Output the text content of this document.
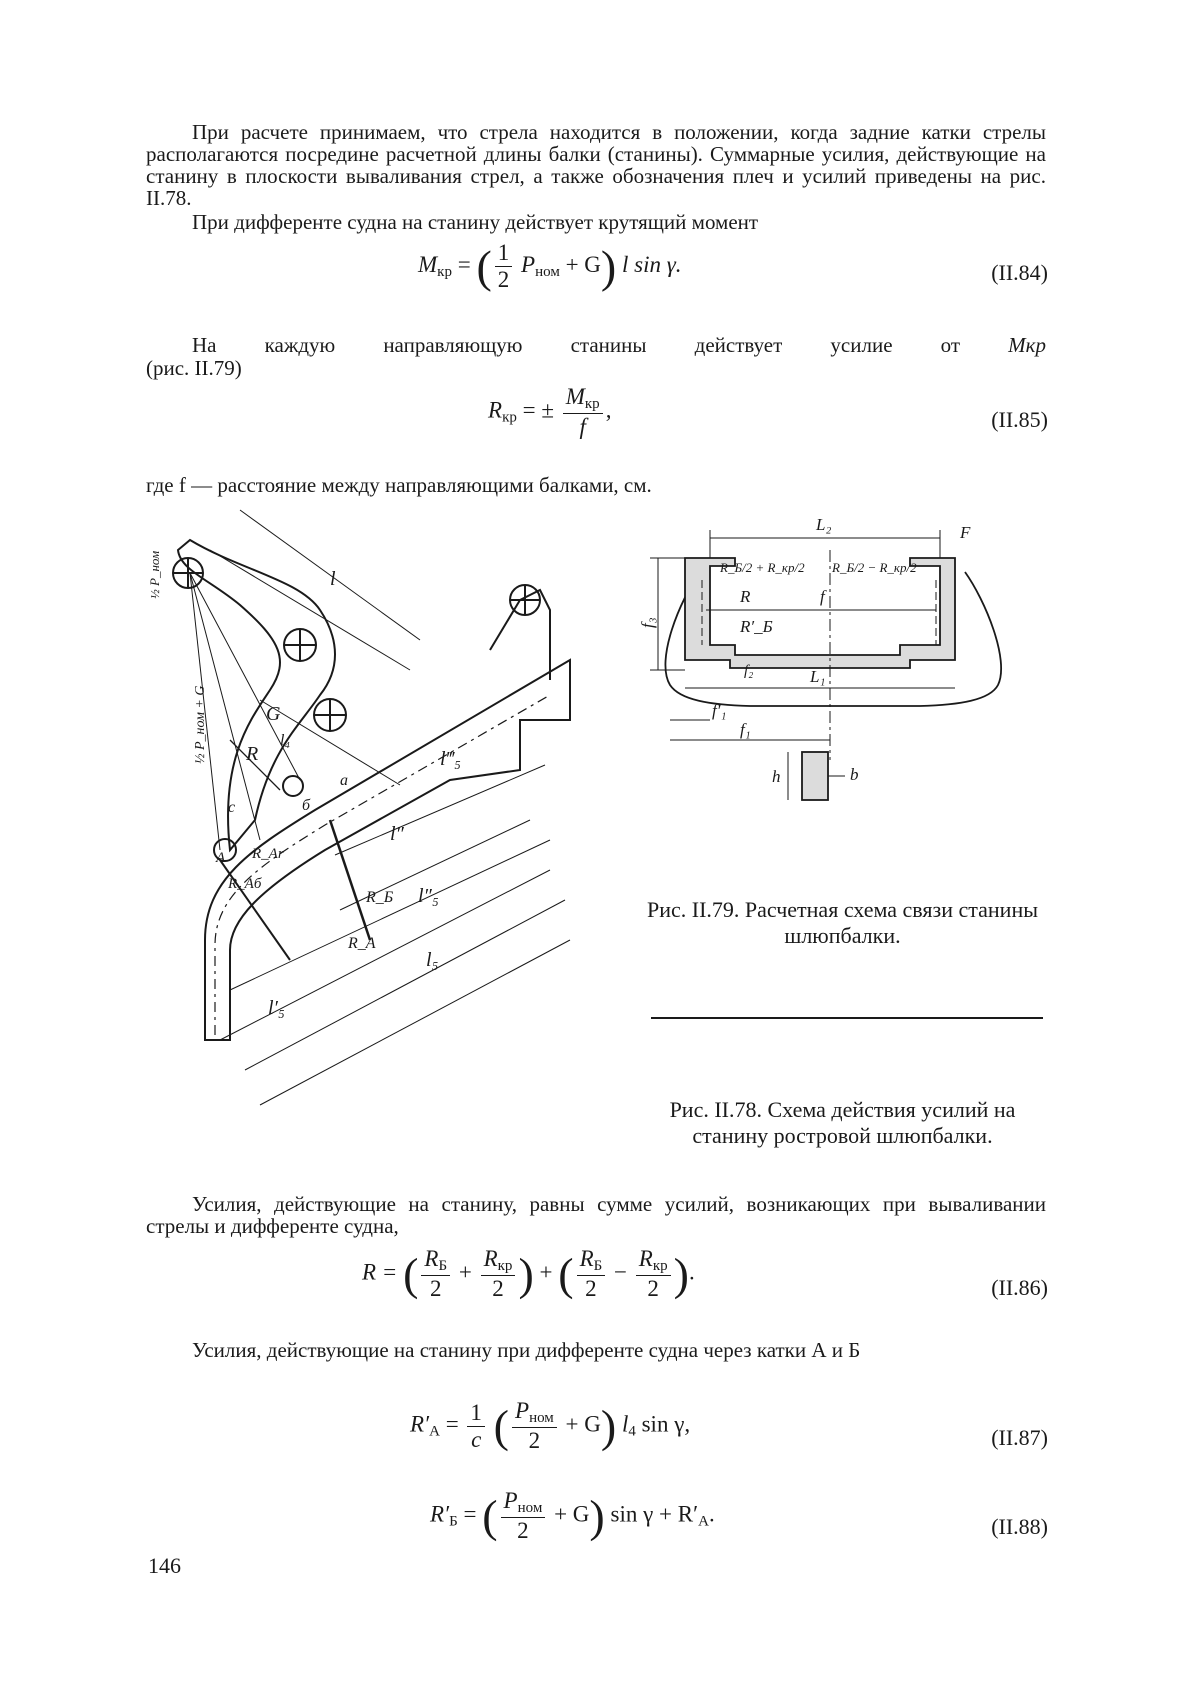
При расчете принимаем, что стрела находится в положении, когда задние катки стрелы располагаются посредине расчетной длины балки (станины). Суммарные усилия, действующие на станину в плоскости вываливания стрел, а также обозначения плеч и усилий приведены на рис. II.78.
При дифференте судна на станину действует крутящий момент
$M_{кр}$ = ( $\frac{1}{2} P_{ном} + G$) l sin γ.	(II.84)
На каждую направляющую станины действует усилие от Mкр
(рис. II.79)
$R_{кр}$ = ± $\frac{M_{кр}}{f}$ ,	(II.85)
где f — расстояние между направляющими балками, см.
l
½ P_ном
½ P_ном + G	G
R
l₄
c
a
б
R_Ar
R_Aб
А
R_Б
R_A
l‴₅
l″
l″₅
l₅
l′₅
L₂	F
f₃
R	f
R_Б/2 + R_кр/2 R_Б/2 − R_кр/2
R′_Б
f₂	L₁
f′₁
f₁
h	b
Рис. II.79. Расчетная схема связи станины шлюпбалки.
Рис. II.78. Схема действия усилий на станину ростровой шлюпбалки.
Усилия, действующие на станину, равны сумме усилий, возникающих при вываливании стрелы и дифференте судна,
R = ( $\frac{R_Б}{2} + \frac{R_{кр}}{2}$ ) + ( $\frac{R_Б}{2} - \frac{R_{кр}}{2}$ ).
(II.86)
Усилия, действующие на станину при дифференте судна через катки А и Б
$R'_А = \frac{1}{c}$ ( $\frac{P_{ном}}{2} + G$) $l_4$ sin γ,
(II.87)
$R'_Б$ = ( $\frac{P_{ном}}{2} + G$) $\sin \gamma + R'_А$.
(II.88)
146
